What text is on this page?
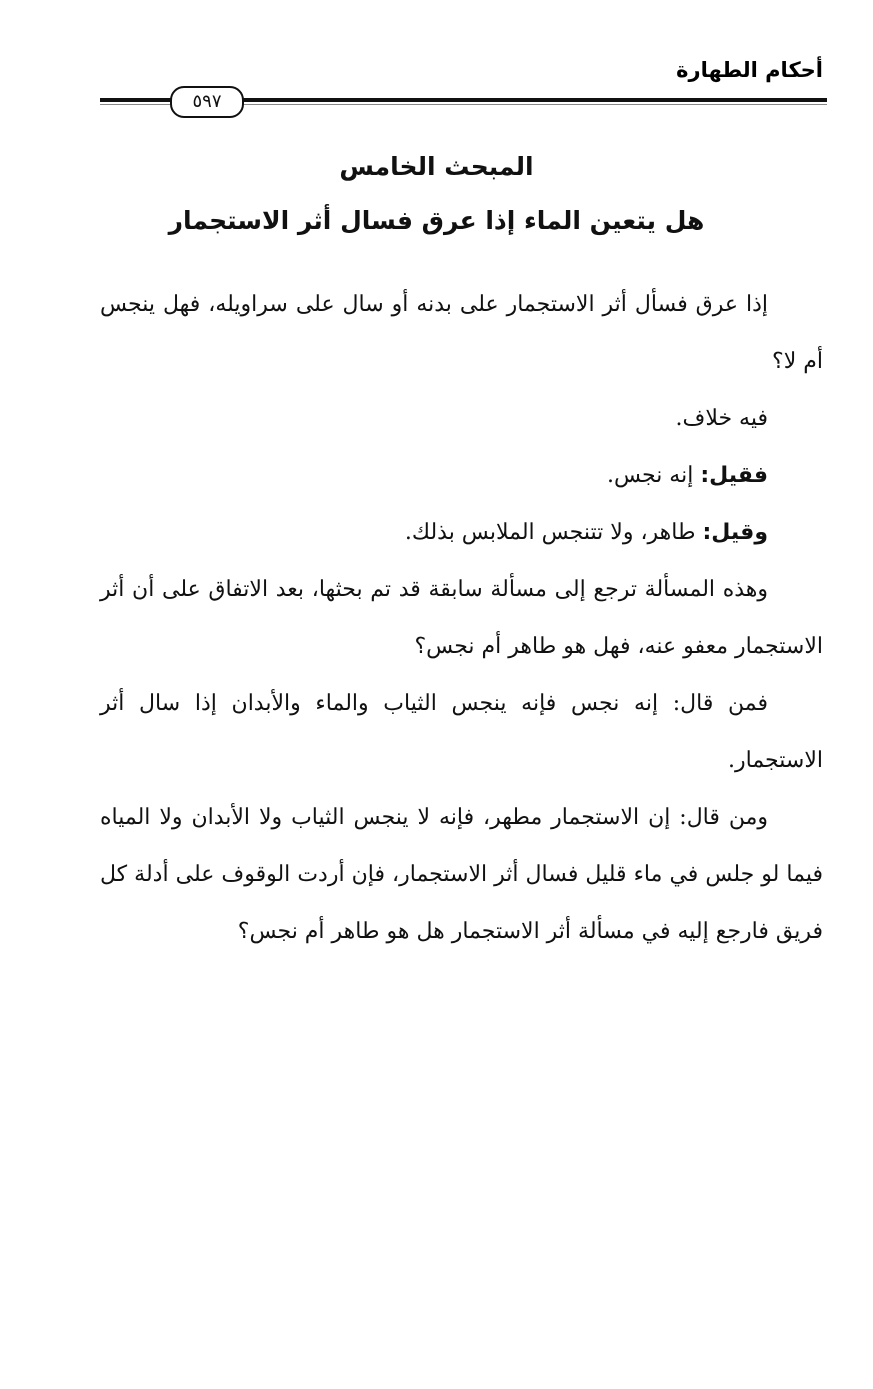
أحكام الطهارة
٥٩٧
المبحث الخامس
هل يتعين الماء إذا عرق فسال أثر الاستجمار

إذا عرق فسأل أثر الاستجمار على بدنه أو سال على سراويله، فهل ينجس أم لا؟

فيه خلاف.

فقيل: إنه نجس.

وقيل: طاهر، ولا تتنجس الملابس بذلك.

وهذه المسألة ترجع إلى مسألة سابقة قد تم بحثها، بعد الاتفاق على أن أثر الاستجمار معفو عنه، فهل هو طاهر أم نجس؟

فمن قال: إنه نجس فإنه ينجس الثياب والماء والأبدان إذا سال أثر الاستجمار.

ومن قال: إن الاستجمار مطهر، فإنه لا ينجس الثياب ولا الأبدان ولا المياه فيما لو جلس في ماء قليل فسال أثر الاستجمار، فإن أردت الوقوف على أدلة كل فريق فارجع إليه في مسألة أثر الاستجمار هل هو طاهر أم نجس؟
